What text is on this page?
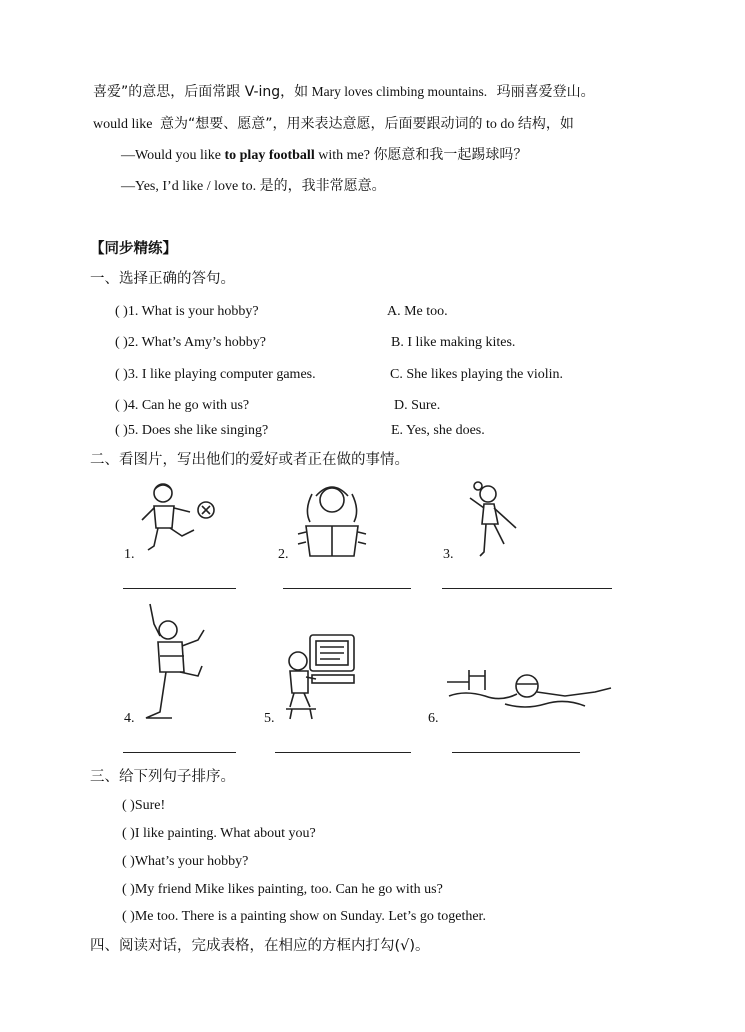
喜爱”的意思，后面常跟 V-ing，如 Mary loves climbing mountains. 玛丽喜爱登山。
would like 意为“想要、愿意”，用来表达意愿，后面要跟动词的 to do 结构，如
—Would you like to play football with me? 你愿意和我一起踢球吗？
—Yes, I’d like / love to. 是的，我非常愿意。
【同步精练】
一、选择正确的答句。
( )1. What is your hobby?	A. Me too.
( )2. What’s Amy’s hobby?	B. I like making kites.
( )3. I like playing computer games.	C. She likes playing the violin.
( )4. Can he go with us?	D. Sure.
( )5. Does she like singing?	E. Yes, she does.
二、看图片，写出他们的爱好或者正在做的事情。
1.	2.	3.
4.	5.	6.
三、给下列句子排序。
( )Sure!
( )I like painting. What about you?
( )What’s your hobby?
( )My friend Mike likes painting, too. Can he go with us?
( )Me too. There is a painting show on Sunday. Let’s go together.
四、阅读对话，完成表格，在相应的方框内打勾(√)。
